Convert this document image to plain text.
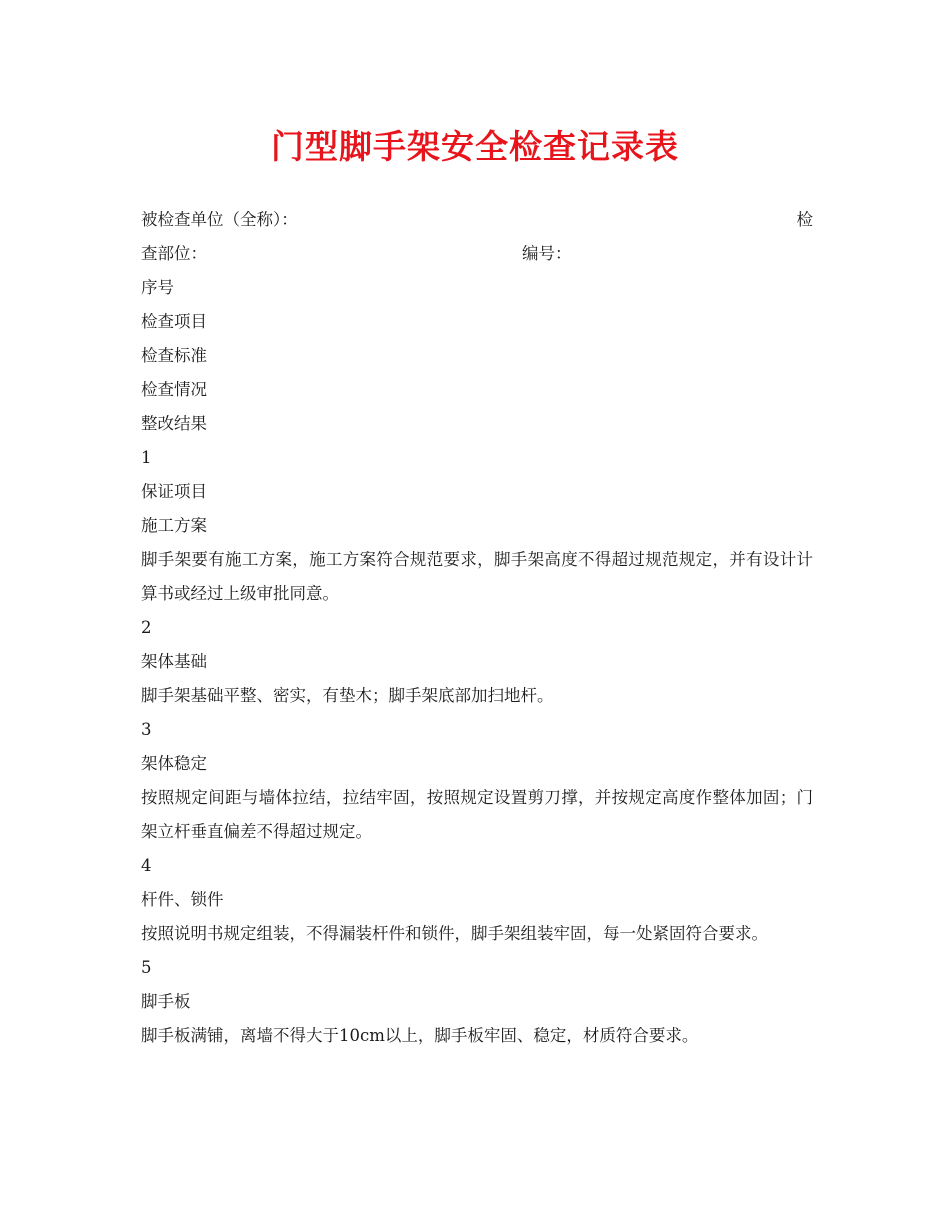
门型脚手架安全检查记录表
被检查单位（全称）：	检
查部位：	编号：
序号
检查项目
检查标准
检查情况
整改结果
1
保证项目
施工方案
脚手架要有施工方案，施工方案符合规范要求，脚手架高度不得超过规范规定，并有设计计算书或经过上级审批同意。
2
架体基础
脚手架基础平整、密实，有垫木；脚手架底部加扫地杆。
3
架体稳定
按照规定间距与墙体拉结，拉结牢固，按照规定设置剪刀撑，并按规定高度作整体加固；门架立杆垂直偏差不得超过规定。
4
杆件、锁件
按照说明书规定组装，不得漏装杆件和锁件，脚手架组装牢固，每一处紧固符合要求。
5
脚手板
脚手板满铺，离墙不得大于10cm以上，脚手板牢固、稳定，材质符合要求。
